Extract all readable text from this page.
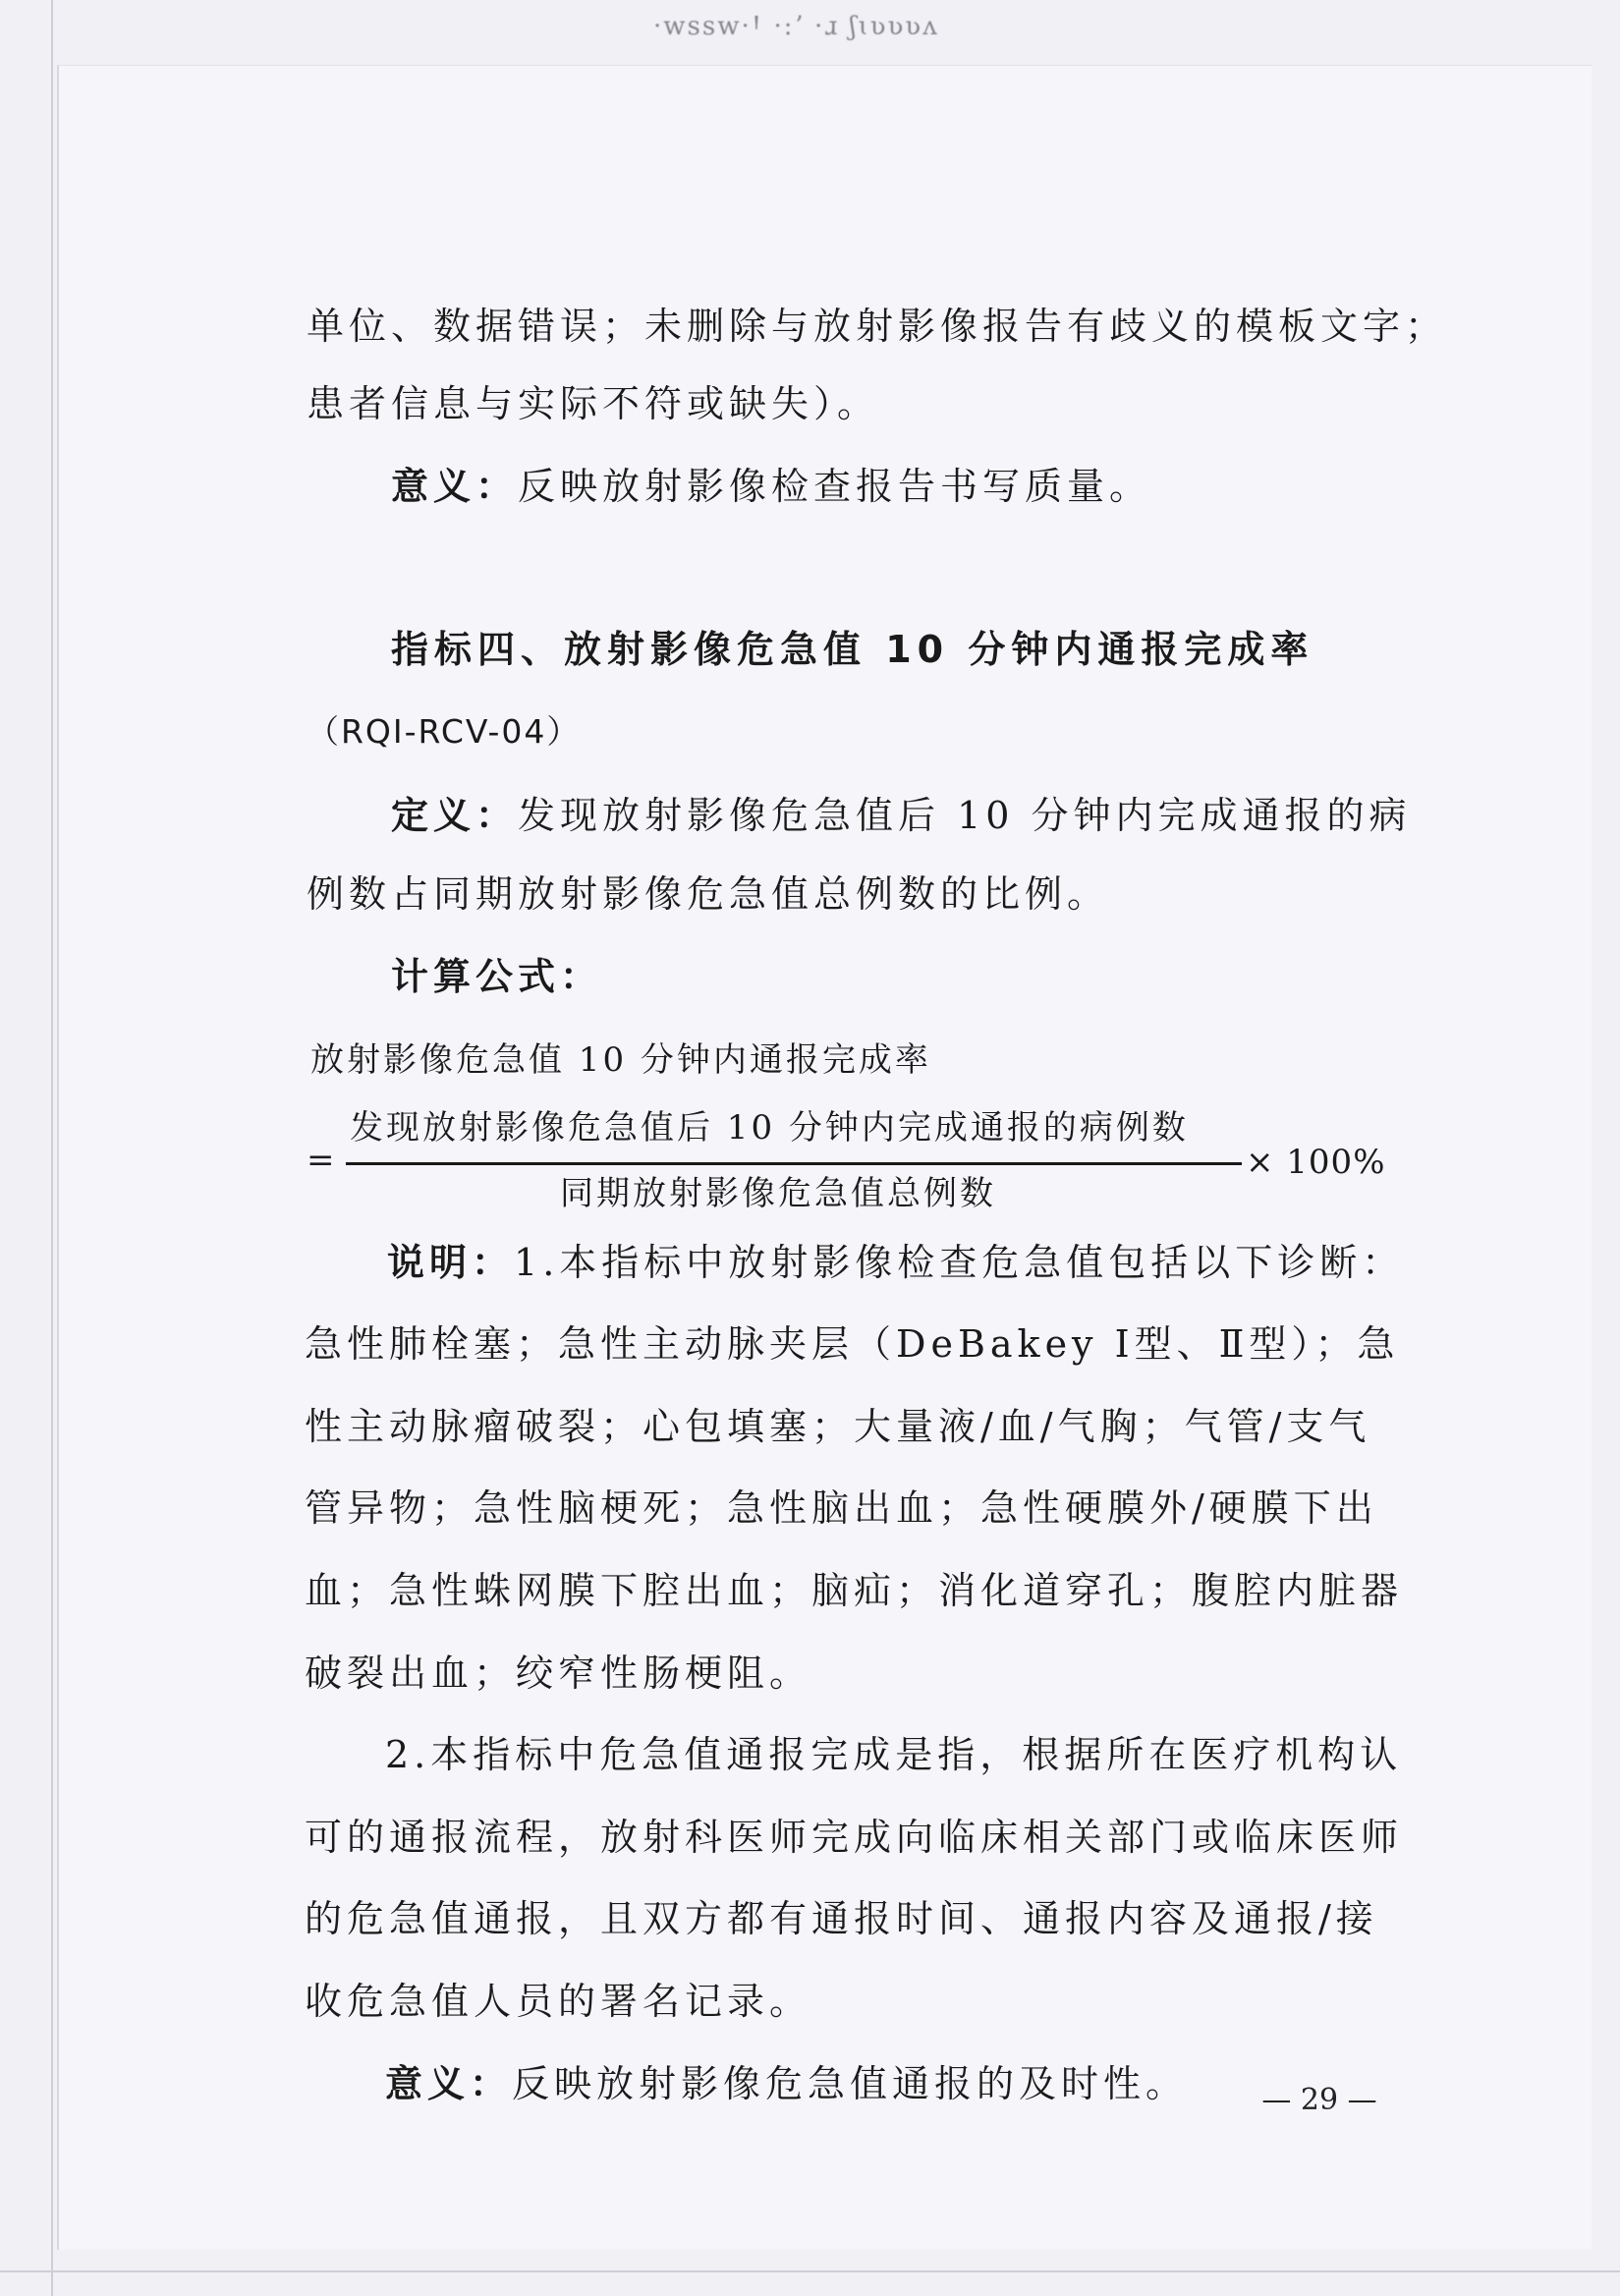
·wssw·Ꞌ ·:ʼ ·ɹ ʃɩʋʋʋʌ
单位、数据错误；未删除与放射影像报告有歧义的模板文字；
患者信息与实际不符或缺失）。
意义：反映放射影像检查报告书写质量。
指标四、放射影像危急值 10 分钟内通报完成率
（RQI-RCV-04）
定义：发现放射影像危急值后 10 分钟内完成通报的病
例数占同期放射影像危急值总例数的比例。
计算公式：
放射影像危急值 10 分钟内通报完成率
=
发现放射影像危急值后 10 分钟内完成通报的病例数
同期放射影像危急值总例数
× 100%
说明：1.本指标中放射影像检查危急值包括以下诊断：
急性肺栓塞；急性主动脉夹层（DeBakey Ⅰ型、Ⅱ型）；急
性主动脉瘤破裂；心包填塞；大量液/血/气胸；气管/支气
管异物；急性脑梗死；急性脑出血；急性硬膜外/硬膜下出
血；急性蛛网膜下腔出血；脑疝；消化道穿孔；腹腔内脏器
破裂出血；绞窄性肠梗阻。
2.本指标中危急值通报完成是指，根据所在医疗机构认
可的通报流程，放射科医师完成向临床相关部门或临床医师
的危急值通报，且双方都有通报时间、通报内容及通报/接
收危急值人员的署名记录。
意义：反映放射影像危急值通报的及时性。	— 29 —
